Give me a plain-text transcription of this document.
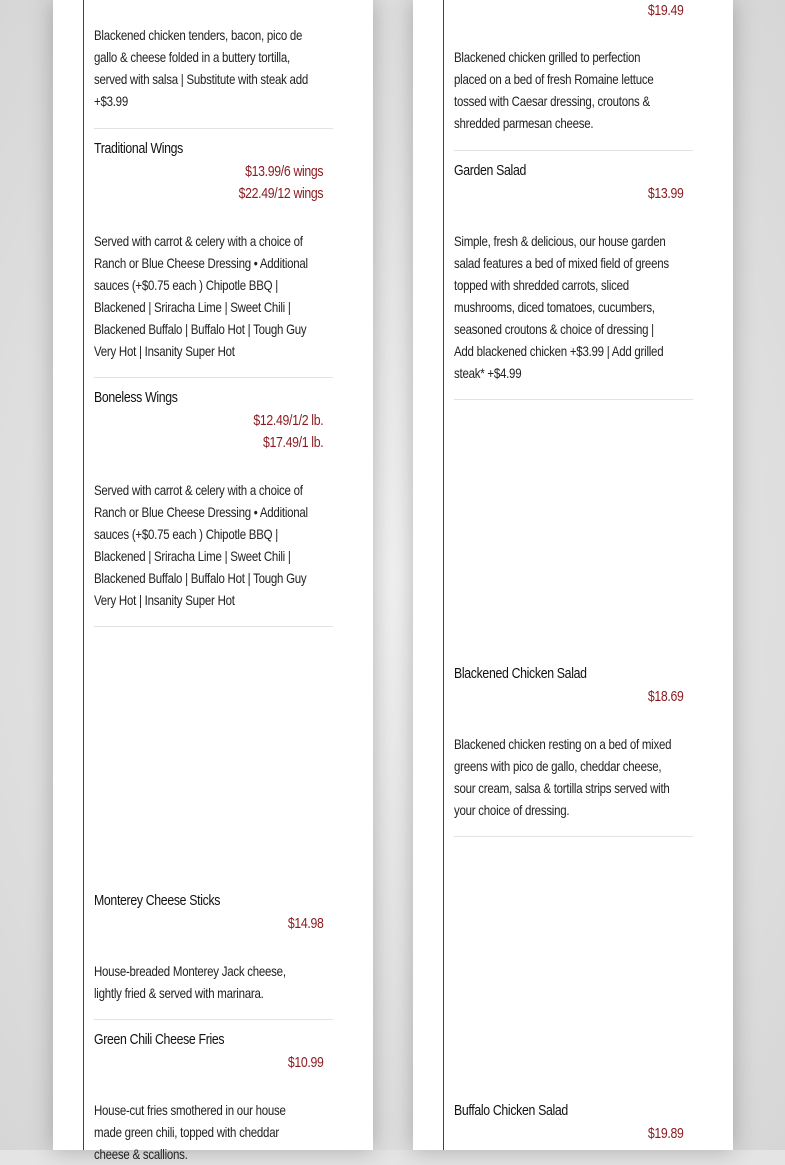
Blackened chicken tenders, bacon, pico de gallo & cheese folded in a buttery tortilla, served with salsa | Substitute with steak add +$3.99
Traditional Wings
$13.99/6 wings
$22.49/12 wings
Served with carrot & celery with a choice of Ranch or Blue Cheese Dressing • Additional sauces (+$0.75 each ) Chipotle BBQ | Blackened | Sriracha Lime | Sweet Chili | Blackened Buffalo | Buffalo Hot | Tough Guy Very Hot | Insanity Super Hot
Boneless Wings
$12.49/1/2 lb.
$17.49/1 lb.
Served with carrot & celery with a choice of Ranch or Blue Cheese Dressing • Additional sauces (+$0.75 each ) Chipotle BBQ | Blackened | Sriracha Lime | Sweet Chili | Blackened Buffalo | Buffalo Hot | Tough Guy Very Hot | Insanity Super Hot
Monterey Cheese Sticks
$14.98
House-breaded Monterey Jack cheese, lightly fried & served with marinara.
Green Chili Cheese Fries
$10.99
House-cut fries smothered in our house made green chili, topped with cheddar cheese & scallions.
$19.49
Blackened chicken grilled to perfection placed on a bed of fresh Romaine lettuce tossed with Caesar dressing, croutons & shredded parmesan cheese.
Garden Salad
$13.99
Simple, fresh & delicious, our house garden salad features a bed of mixed field of greens topped with shredded carrots, sliced mushrooms, diced tomatoes, cucumbers, seasoned croutons & choice of dressing | Add blackened chicken +$3.99 | Add grilled steak* +$4.99
Blackened Chicken Salad
$18.69
Blackened chicken resting on a bed of mixed greens with pico de gallo, cheddar cheese, sour cream, salsa & tortilla strips served with your choice of dressing.
Buffalo Chicken Salad
$19.89
